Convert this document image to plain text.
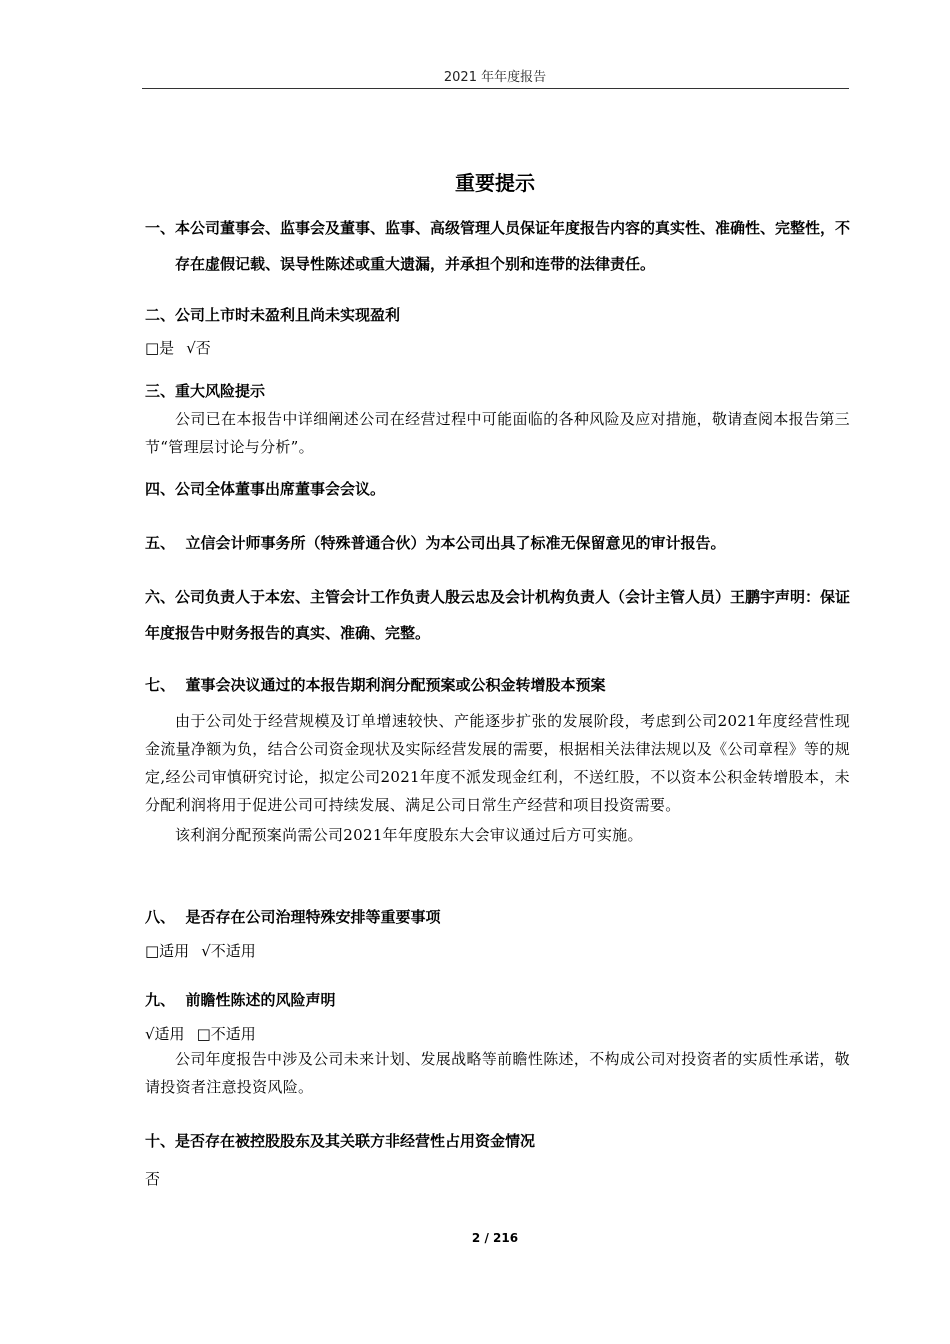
2021 年年度报告
重要提示
一、本公司董事会、监事会及董事、监事、高级管理人员保证年度报告内容的真实性、准确性、完整性，不存在虚假记载、误导性陈述或重大遗漏，并承担个别和连带的法律责任。
二、公司上市时未盈利且尚未实现盈利
□是 √否
三、重大风险提示
公司已在本报告中详细阐述公司在经营过程中可能面临的各种风险及应对措施，敬请查阅本报告第三节“管理层讨论与分析”。
四、公司全体董事出席董事会会议。
五、  立信会计师事务所（特殊普通合伙）为本公司出具了标准无保留意见的审计报告。
六、公司负责人于本宏、主管会计工作负责人殷云忠及会计机构负责人（会计主管人员）王鹏宇声明：保证年度报告中财务报告的真实、准确、完整。
七、  董事会决议通过的本报告期利润分配预案或公积金转增股本预案
由于公司处于经营规模及订单增速较快、产能逐步扩张的发展阶段，考虑到公司2021年度经营性现金流量净额为负，结合公司资金现状及实际经营发展的需要，根据相关法律法规以及《公司章程》等的规定,经公司审慎研究讨论，拟定公司2021年度不派发现金红利，不送红股，不以资本公积金转增股本，未分配利润将用于促进公司可持续发展、满足公司日常生产经营和项目投资需要。
该利润分配预案尚需公司2021年年度股东大会审议通过后方可实施。
八、  是否存在公司治理特殊安排等重要事项
□适用 √不适用
九、  前瞻性陈述的风险声明
√适用 □不适用
公司年度报告中涉及公司未来计划、发展战略等前瞻性陈述，不构成公司对投资者的实质性承诺，敬请投资者注意投资风险。
十、是否存在被控股股东及其关联方非经营性占用资金情况
否
2 / 216
